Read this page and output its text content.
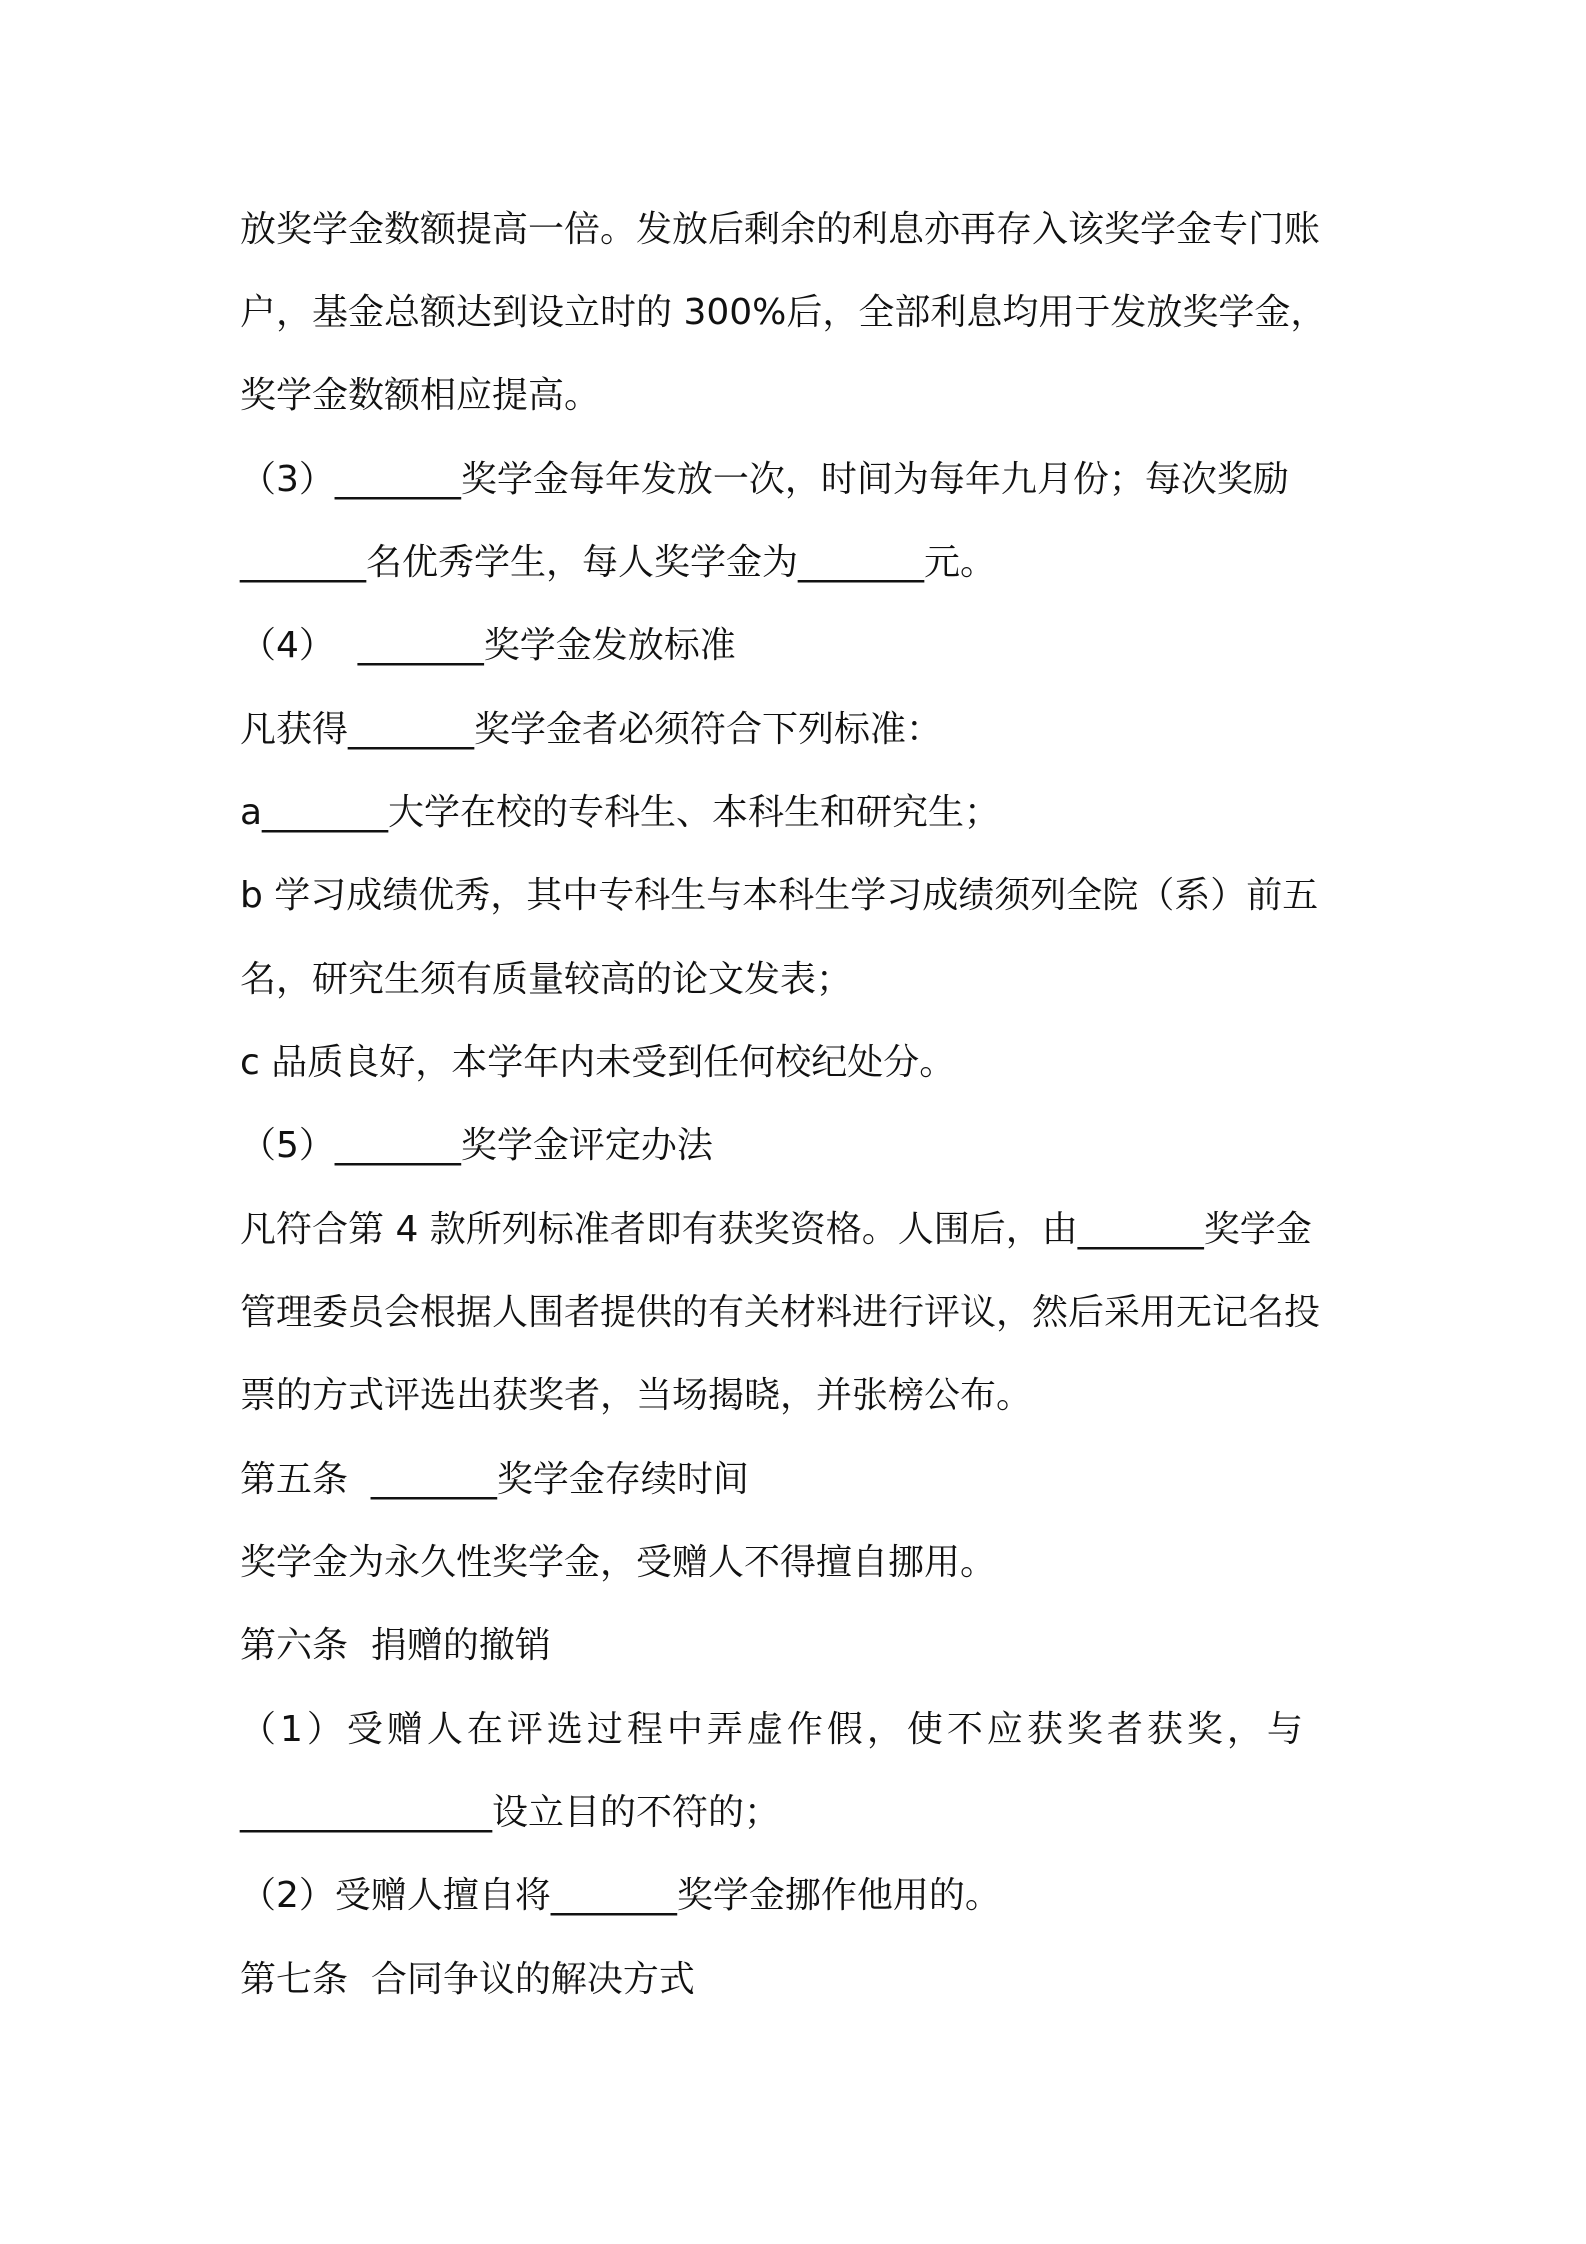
放奖学金数额提高一倍。发放后剩余的利息亦再存入该奖学金专门账
户，基金总额达到设立时的 300%后，全部利息均用于发放奖学金，
奖学金数额相应提高。
（3）_______奖学金每年发放一次，时间为每年九月份；每次奖励
_______名优秀学生，每人奖学金为_______元。
（4）  _______奖学金发放标准
凡获得_______奖学金者必须符合下列标准：
a_______大学在校的专科生、本科生和研究生；
b 学习成绩优秀，其中专科生与本科生学习成绩须列全院（系）前五
名，研究生须有质量较高的论文发表；
c 品质良好，本学年内未受到任何校纪处分。
（5）_______奖学金评定办法
凡符合第 4 款所列标准者即有获奖资格。人围后，由_______奖学金
管理委员会根据人围者提供的有关材料进行评议，然后采用无记名投
票的方式评选出获奖者，当场揭晓，并张榜公布。
第五条  _______奖学金存续时间
奖学金为永久性奖学金，受赠人不得擅自挪用。
第六条  捐赠的撤销
（1）受赠人在评选过程中弄虚作假，使不应获奖者获奖，与
______________设立目的不符的；
（2）受赠人擅自将_______奖学金挪作他用的。
第七条  合同争议的解决方式
